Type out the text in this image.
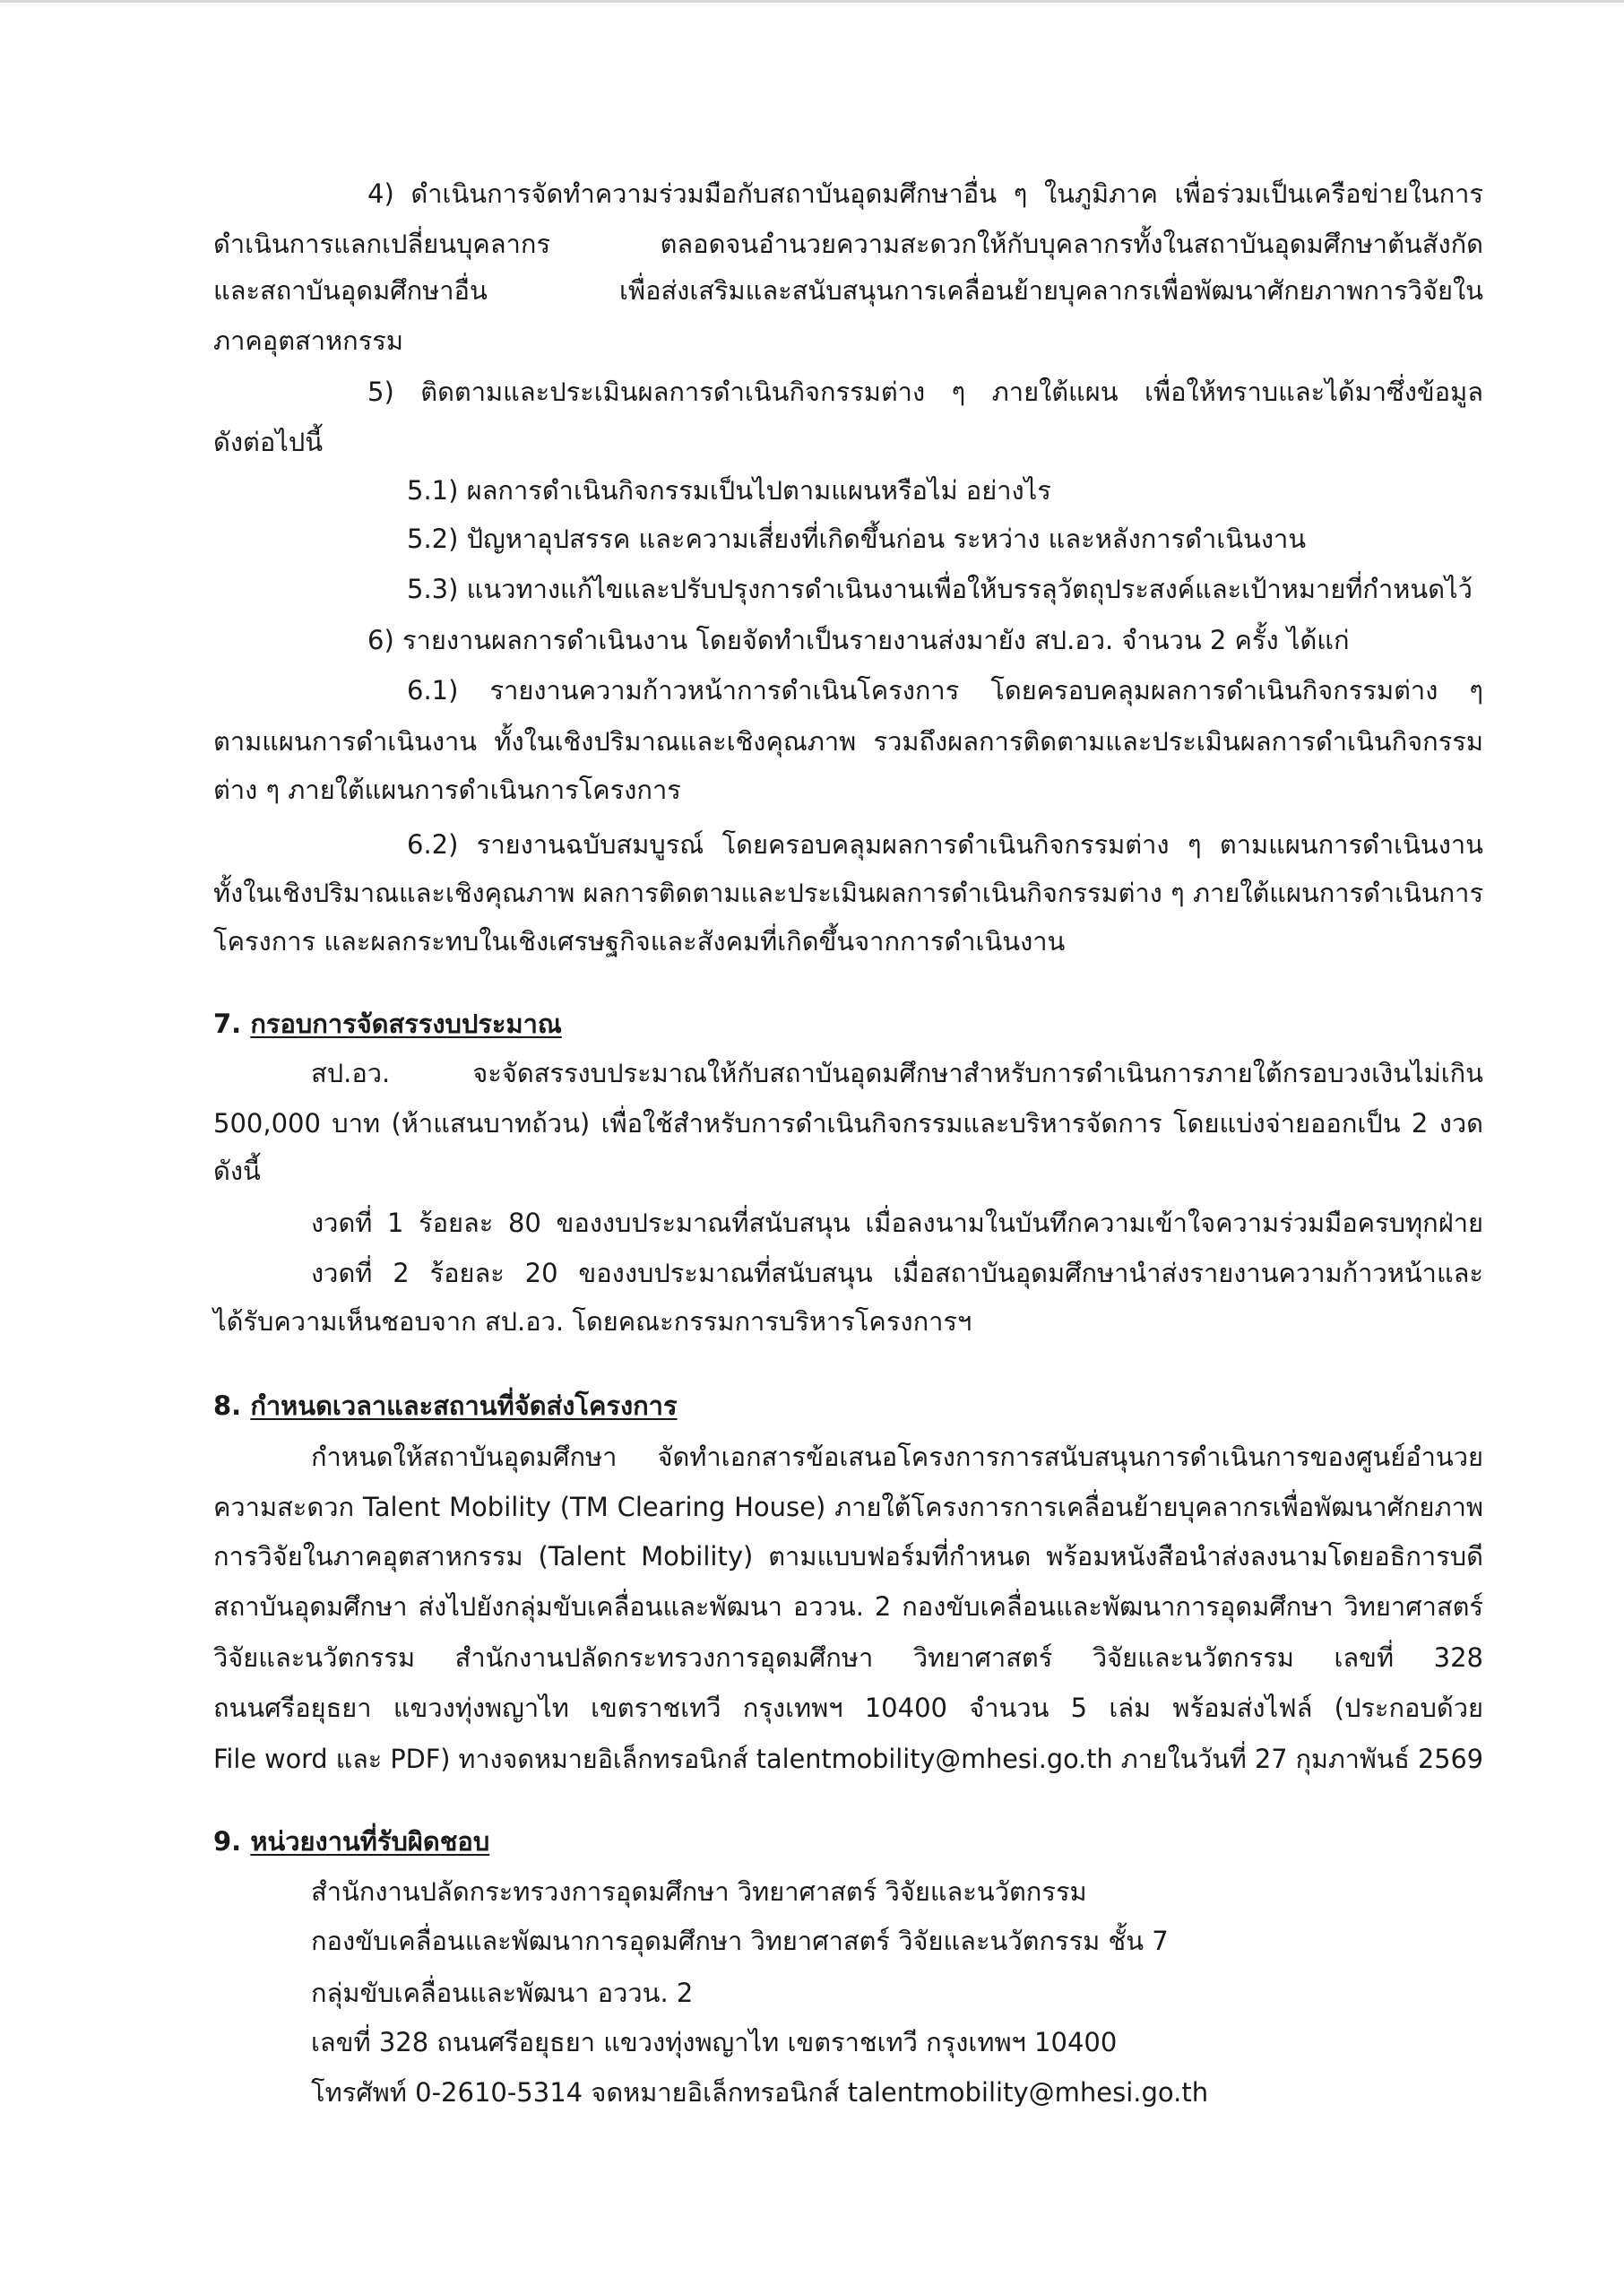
4) ดำเนินการจัดทำความร่วมมือกับสถาบันอุดมศึกษาอื่น ๆ ในภูมิภาค เพื่อร่วมเป็นเครือข่ายในการ
ดำเนินการแลกเปลี่ยนบุคลากร ตลอดจนอำนวยความสะดวกให้กับบุคลากรทั้งในสถาบันอุดมศึกษาต้นสังกัด
และสถาบันอุดมศึกษาอื่น เพื่อส่งเสริมและสนับสนุนการเคลื่อนย้ายบุคลากรเพื่อพัฒนาศักยภาพการวิจัยใน
ภาคอุตสาหกรรม
5) ติดตามและประเมินผลการดำเนินกิจกรรมต่าง ๆ ภายใต้แผน เพื่อให้ทราบและได้มาซึ่งข้อมูล
ดังต่อไปนี้
5.1) ผลการดำเนินกิจกรรมเป็นไปตามแผนหรือไม่ อย่างไร
5.2) ปัญหาอุปสรรค และความเสี่ยงที่เกิดขึ้นก่อน ระหว่าง และหลังการดำเนินงาน
5.3) แนวทางแก้ไขและปรับปรุงการดำเนินงานเพื่อให้บรรลุวัตถุประสงค์และเป้าหมายที่กำหนดไว้
6) รายงานผลการดำเนินงาน โดยจัดทำเป็นรายงานส่งมายัง สป.อว. จำนวน 2 ครั้ง ได้แก่
6.1) รายงานความก้าวหน้าการดำเนินโครงการ โดยครอบคลุมผลการดำเนินกิจกรรมต่าง ๆ
ตามแผนการดำเนินงาน ทั้งในเชิงปริมาณและเชิงคุณภาพ รวมถึงผลการติดตามและประเมินผลการดำเนินกิจกรรม
ต่าง ๆ ภายใต้แผนการดำเนินการโครงการ
6.2) รายงานฉบับสมบูรณ์ โดยครอบคลุมผลการดำเนินกิจกรรมต่าง ๆ ตามแผนการดำเนินงาน
ทั้งในเชิงปริมาณและเชิงคุณภาพ ผลการติดตามและประเมินผลการดำเนินกิจกรรมต่าง ๆ ภายใต้แผนการดำเนินการ
โครงการ และผลกระทบในเชิงเศรษฐกิจและสังคมที่เกิดขึ้นจากการดำเนินงาน
7. กรอบการจัดสรรงบประมาณ
สป.อว. จะจัดสรรงบประมาณให้กับสถาบันอุดมศึกษาสำหรับการดำเนินการภายใต้กรอบวงเงินไม่เกิน
500,000 บาท (ห้าแสนบาทถ้วน) เพื่อใช้สำหรับการดำเนินกิจกรรมและบริหารจัดการ โดยแบ่งจ่ายออกเป็น 2 งวด
ดังนี้
งวดที่ 1 ร้อยละ 80 ของงบประมาณที่สนับสนุน เมื่อลงนามในบันทึกความเข้าใจความร่วมมือครบทุกฝ่าย
งวดที่ 2 ร้อยละ 20 ของงบประมาณที่สนับสนุน เมื่อสถาบันอุดมศึกษานำส่งรายงานความก้าวหน้าและ
ได้รับความเห็นชอบจาก สป.อว. โดยคณะกรรมการบริหารโครงการฯ
8. กำหนดเวลาและสถานที่จัดส่งโครงการ
กำหนดให้สถาบันอุดมศึกษา จัดทำเอกสารข้อเสนอโครงการการสนับสนุนการดำเนินการของศูนย์อำนวย
ความสะดวก Talent Mobility (TM Clearing House) ภายใต้โครงการการเคลื่อนย้ายบุคลากรเพื่อพัฒนาศักยภาพ
การวิจัยในภาคอุตสาหกรรม (Talent Mobility) ตามแบบฟอร์มที่กำหนด พร้อมหนังสือนำส่งลงนามโดยอธิการบดี
สถาบันอุดมศึกษา ส่งไปยังกลุ่มขับเคลื่อนและพัฒนา อววน. 2 กองขับเคลื่อนและพัฒนาการอุดมศึกษา วิทยาศาสตร์
วิจัยและนวัตกรรม สำนักงานปลัดกระทรวงการอุดมศึกษา วิทยาศาสตร์ วิจัยและนวัตกรรม เลขที่ 328
ถนนศรีอยุธยา แขวงทุ่งพญาไท เขตราชเทวี กรุงเทพฯ 10400 จำนวน 5 เล่ม พร้อมส่งไฟล์ (ประกอบด้วย
File word และ PDF) ทางจดหมายอิเล็กทรอนิกส์ talentmobility@mhesi.go.th ภายในวันที่ 27 กุมภาพันธ์ 2569
9. หน่วยงานที่รับผิดชอบ
สำนักงานปลัดกระทรวงการอุดมศึกษา วิทยาศาสตร์ วิจัยและนวัตกรรม
กองขับเคลื่อนและพัฒนาการอุดมศึกษา วิทยาศาสตร์ วิจัยและนวัตกรรม ชั้น 7
กลุ่มขับเคลื่อนและพัฒนา อววน. 2
เลขที่ 328 ถนนศรีอยุธยา แขวงทุ่งพญาไท เขตราชเทวี กรุงเทพฯ 10400
โทรศัพท์ 0-2610-5314 จดหมายอิเล็กทรอนิกส์ talentmobility@mhesi.go.th
